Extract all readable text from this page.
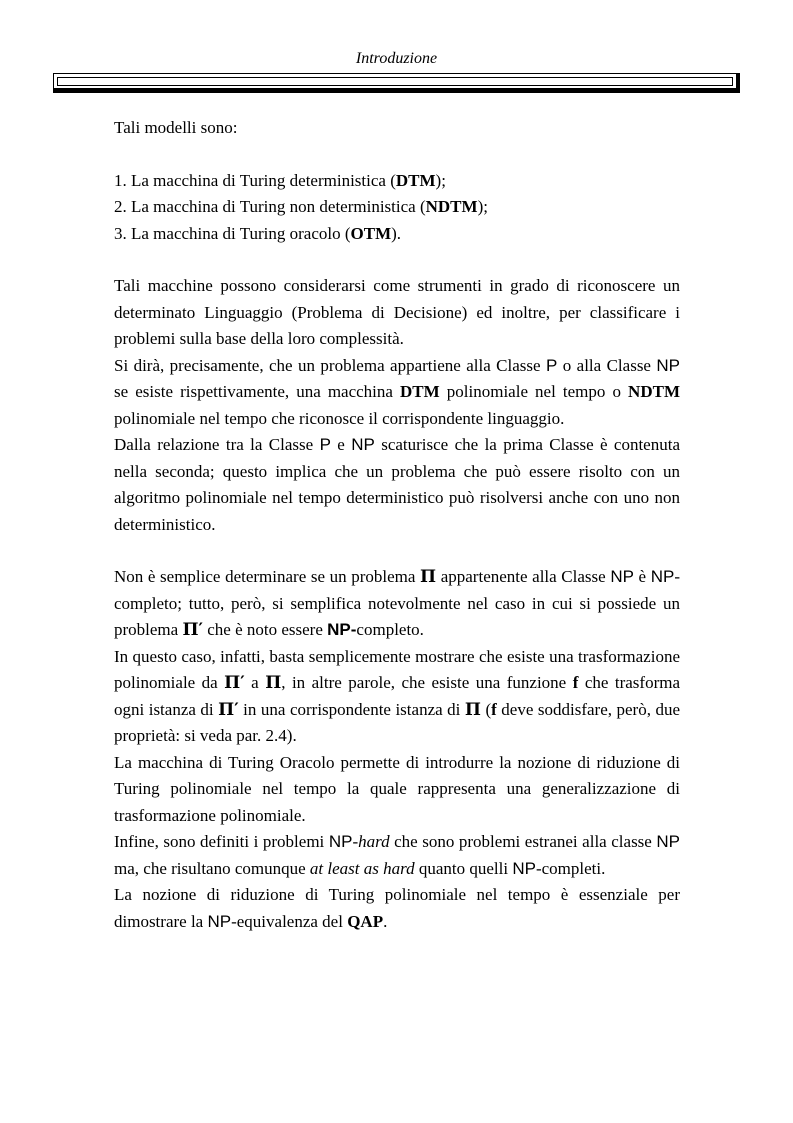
Introduzione

Tali modelli sono:

1. La macchina di Turing deterministica (DTM);

2. La macchina di Turing non deterministica (NDTM);

3. La macchina di Turing oracolo (OTM).

Tali macchine possono considerarsi come strumenti in grado di riconoscere un determinato Linguaggio (Problema di Decisione) ed inoltre, per classificare i problemi sulla base della loro complessità.

Si dirà, precisamente, che un problema appartiene alla Classe P o alla Classe NP se esiste rispettivamente, una macchina DTM polinomiale nel tempo o NDTM polinomiale nel tempo che riconosce il corrispondente linguaggio.

Dalla relazione tra la Classe P e NP scaturisce che la prima Classe è contenuta nella seconda; questo implica che un problema che può essere risolto con un algoritmo polinomiale nel tempo deterministico può risolversi anche con uno non deterministico.

Non è semplice determinare se un problema Π appartenente alla Classe NP è NP-completo; tutto, però, si semplifica notevolmente nel caso in cui si possiede un problema Π′ che è noto essere NP-completo.

In questo caso, infatti, basta semplicemente mostrare che esiste una trasformazione polinomiale da Π′ a Π, in altre parole, che esiste una funzione f che trasforma ogni istanza di Π′ in una corrispondente istanza di Π (f deve soddisfare, però, due proprietà: si veda par. 2.4).

La macchina di Turing Oracolo permette di introdurre la nozione di riduzione di Turing polinomiale nel tempo la quale rappresenta una generalizzazione di trasformazione polinomiale.

Infine, sono definiti i problemi NP-hard che sono problemi estranei alla classe NP ma, che risultano comunque at least as hard quanto quelli NP-completi.

La nozione di riduzione di Turing polinomiale nel tempo è essenziale per dimostrare la NP-equivalenza del QAP.
